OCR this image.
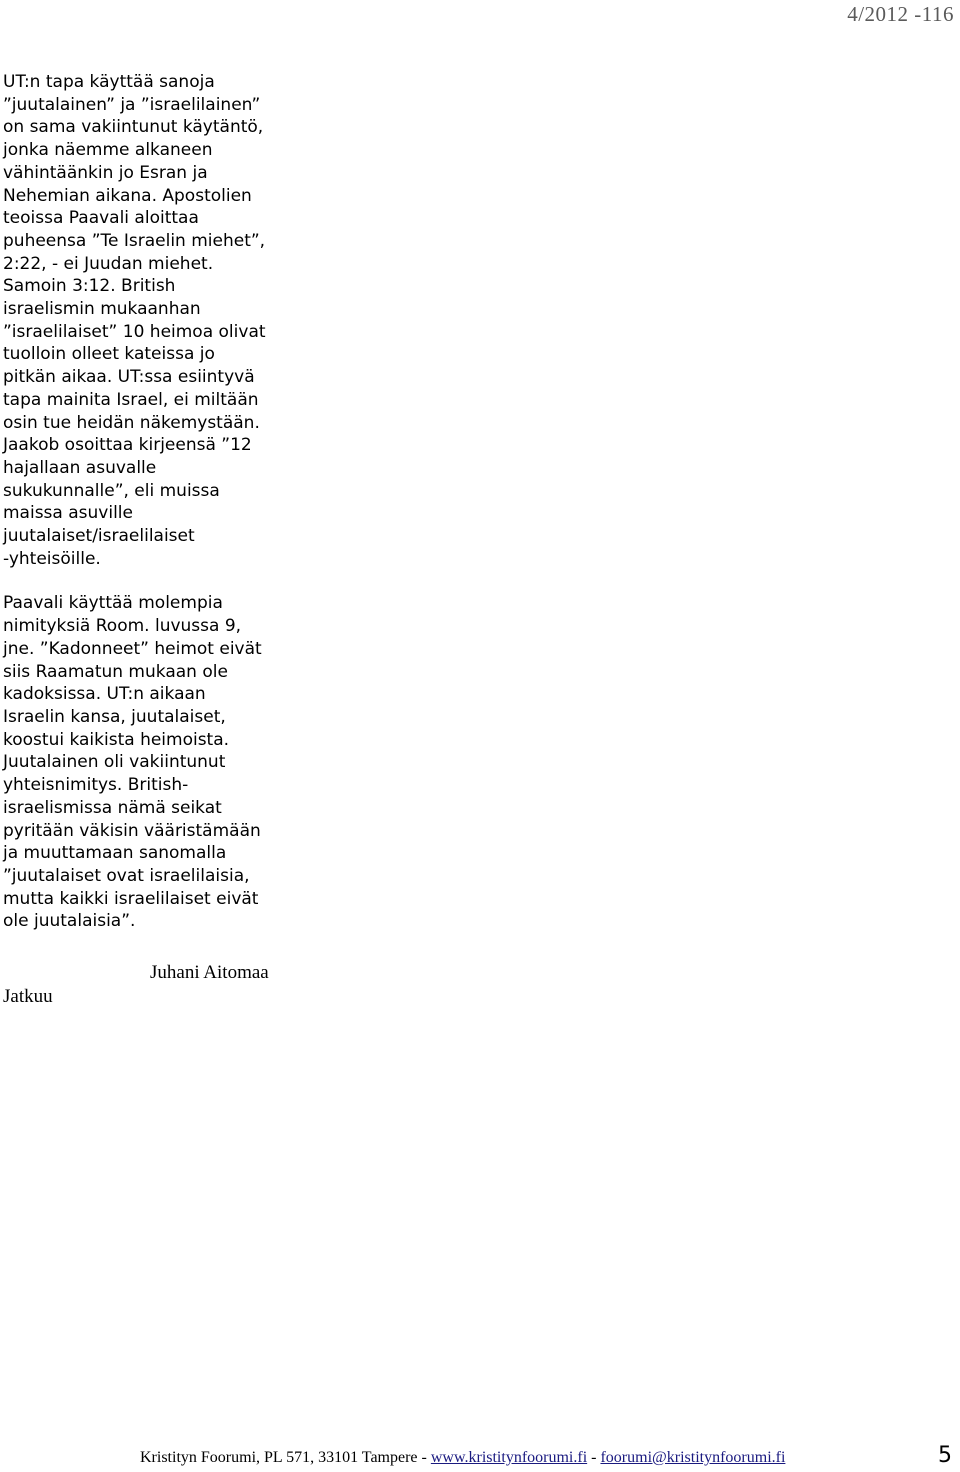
4/2012 -116

UT:n tapa käyttää sanoja
”juutalainen” ja ”israelilainen”
on sama vakiintunut käytäntö,
jonka näemme alkaneen
vähintäänkin jo Esran ja
Nehemian aikana. Apostolien
teoissa Paavali aloittaa
puheensa ”Te Israelin miehet”,
2:22, - ei Juudan miehet.
Samoin 3:12. British
israelismin mukaanhan
”israelilaiset” 10 heimoa olivat
tuolloin olleet kateissa jo
pitkän aikaa. UT:ssa esiintyvä
tapa mainita Israel, ei miltään
osin tue heidän näkemystään.
Jaakob osoittaa kirjeensä ”12
hajallaan asuvalle
sukukunnalle”, eli muissa
maissa asuville
juutalaiset/israelilaiset
-yhteisöille.

Paavali käyttää molempia
nimityksiä Room. luvussa 9,
jne. ”Kadonneet” heimot eivät
siis Raamatun mukaan ole
kadoksissa. UT:n aikaan
Israelin kansa, juutalaiset,
koostui kaikista heimoista.
Juutalainen oli vakiintunut
yhteisnimitys. British-
israelismissa nämä seikat
pyritään väkisin vääristämään
ja muuttamaan sanomalla
”juutalaiset ovat israelilaisia,
mutta kaikki israelilaiset eivät
ole juutalaisia”.

Juhani Aitomaa
Jatkuu
Kristityn Foorumi, PL 571, 33101 Tampere - www.kristitynfoorumi.fi - foorumi@kristitynfoorumi.fi	5
